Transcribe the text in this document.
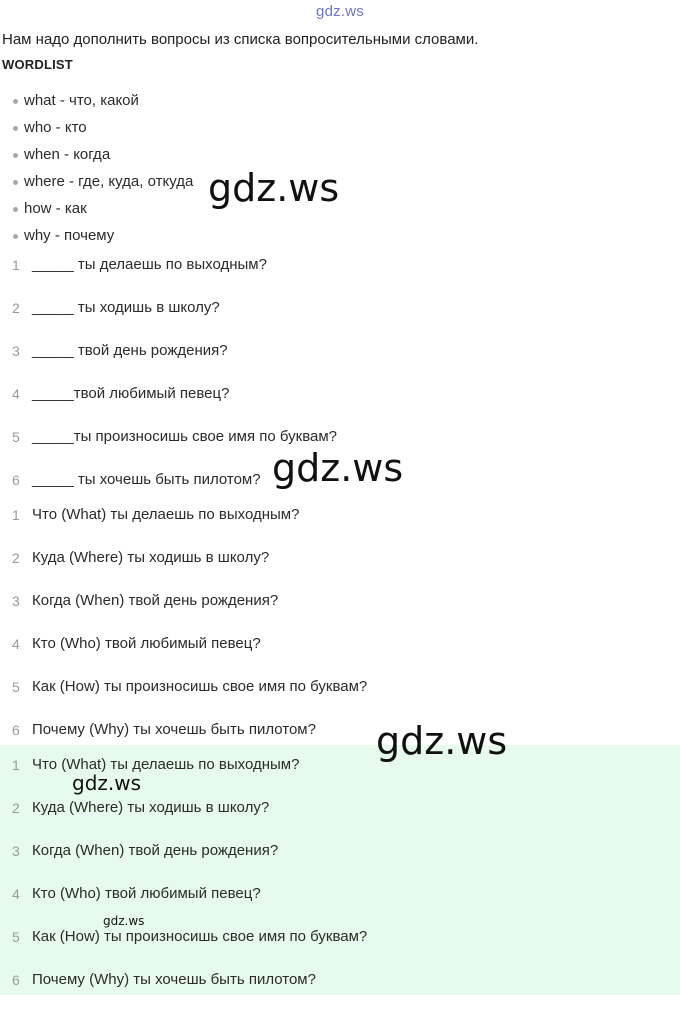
gdz.ws

Нам надо дополнить вопросы из списка вопросительными словами.

WORDLIST

what - что, какой
who - кто
when - когда
where - где, куда, откуда
how - как
why - почему
1 _____ ты делаешь по выходным?
2 _____ ты ходишь в школу?
3 _____ твой день рождения?
4 _____твой любимый певец?
5 _____ты произносишь свое имя по буквам?
6 _____ ты хочешь быть пилотом?
1 Что (What) ты делаешь по выходным?
2 Куда (Where) ты ходишь в школу?
3 Когда (When) твой день рождения?
4 Кто (Who) твой любимый певец?
5 Как (How) ты произносишь свое имя по буквам?
6 Почему (Why) ты хочешь быть пилотом?
1 Что (What) ты делаешь по выходным?
2 Куда (Where) ты ходишь в школу?
3 Когда (When) твой день рождения?
4 Кто (Who) твой любимый певец?
5 Как (How) ты произносишь свое имя по буквам?
6 Почему (Why) ты хочешь быть пилотом?
gdz.ws
gdz.ws
gdz.ws
gdz.ws
gdz.ws
